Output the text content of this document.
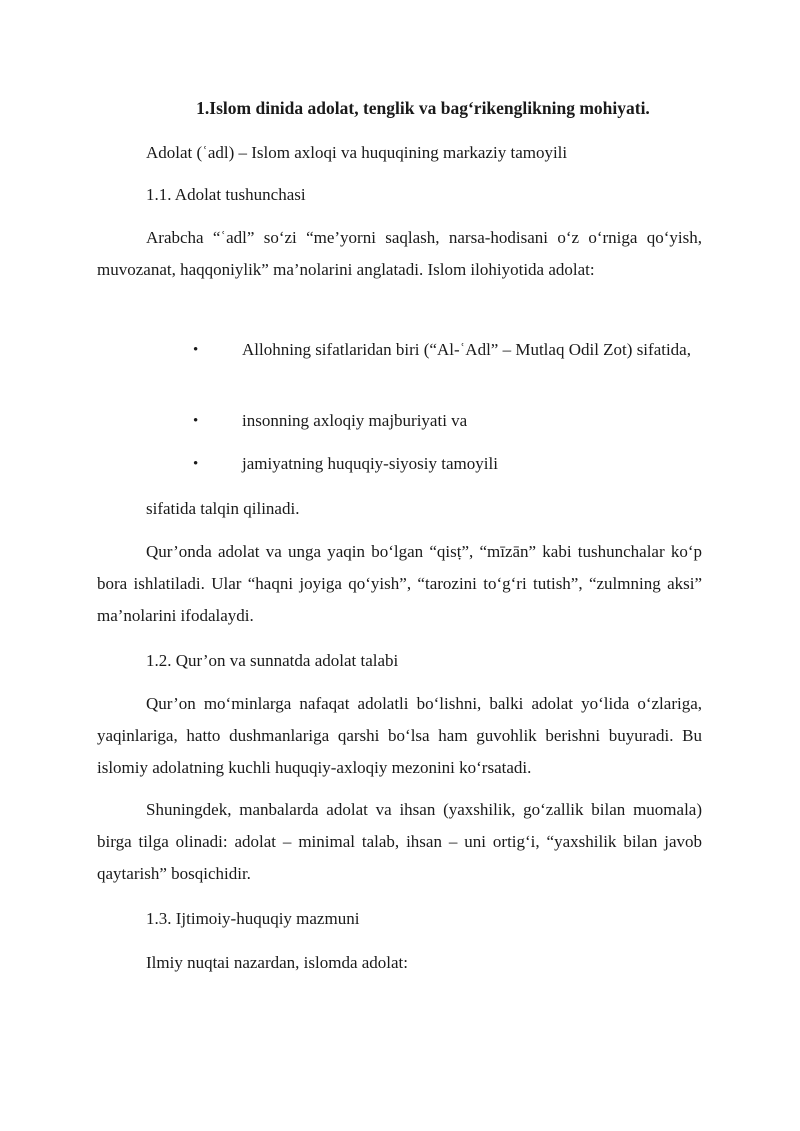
1.Islom dinida adolat, tenglik va bag‘rikenglikning mohiyati.
Adolat (ʿadl) – Islom axloqi va huquqining markaziy tamoyili
1.1. Adolat tushunchasi
Arabcha “ʿadl” so‘zi “me’yorni saqlash, narsa-hodisani o‘z o‘rniga qo‘yish, muvozanat, haqqoniylik” ma’nolarini anglatadi. Islom ilohiyotida adolat:
•	Allohning sifatlaridan biri (“Al-ʿAdl” – Mutlaq Odil Zot) sifatida,
•	insonning axloqiy majburiyati va
•	jamiyatning huquqiy-siyosiy tamoyili
sifatida talqin qilinadi.
Qur’onda adolat va unga yaqin bo‘lgan “qisṭ”, “mīzān” kabi tushunchalar ko‘p bora ishlatiladi. Ular “haqni joyiga qo‘yish”, “tarozini to‘g‘ri tutish”, “zulmning aksi” ma’nolarini ifodalaydi.
1.2. Qur’on va sunnatda adolat talabi
Qur’on mo‘minlarga nafaqat adolatli bo‘lishni, balki adolat yo‘lida o‘zlariga, yaqinlariga, hatto dushmanlariga qarshi bo‘lsa ham guvohlik berishni buyuradi. Bu islomiy adolatning kuchli huquqiy-axloqiy mezonini ko‘rsatadi.
Shuningdek, manbalarda adolat va ihsan (yaxshilik, go‘zallik bilan muomala) birga tilga olinadi: adolat – minimal talab, ihsan – uni ortig‘i, “yaxshilik bilan javob qaytarish” bosqichidir.
1.3. Ijtimoiy-huquqiy mazmuni
Ilmiy nuqtai nazardan, islomda adolat:
